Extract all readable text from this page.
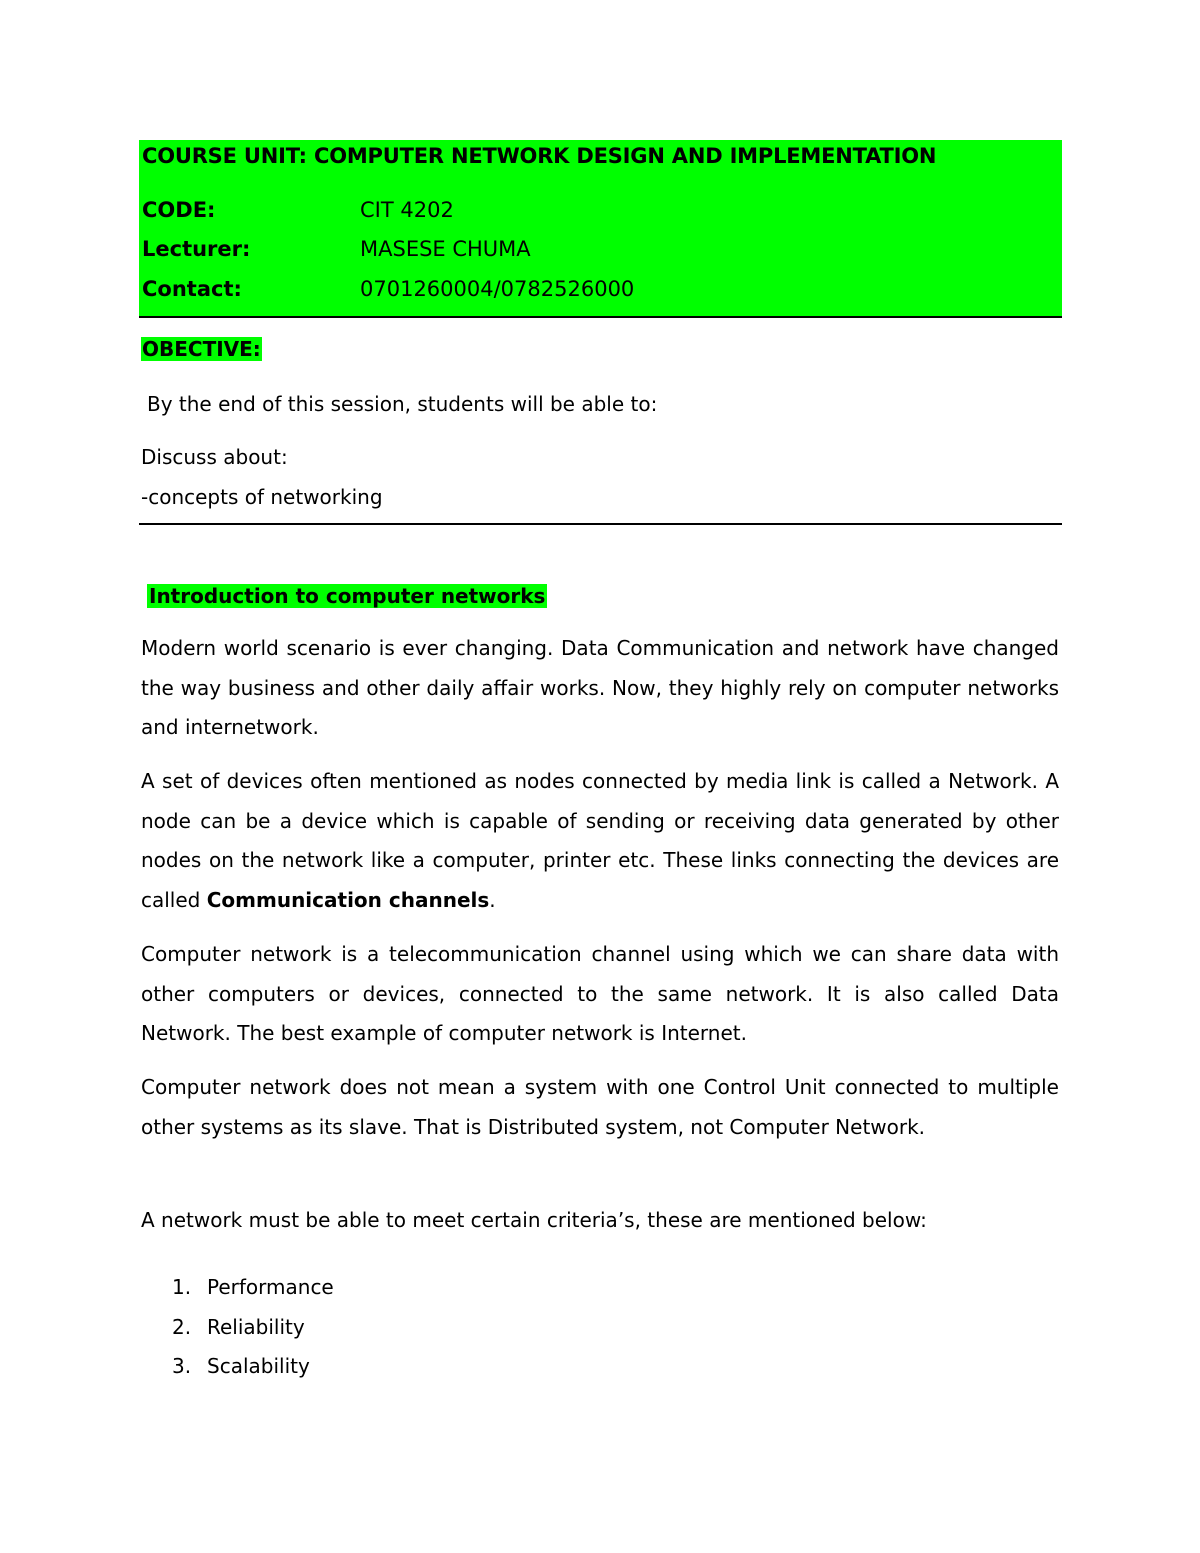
COURSE UNIT: COMPUTER NETWORK DESIGN AND IMPLEMENTATION
CODE:	CIT 4202
Lecturer:	MASESE CHUMA
Contact:	0701260004/0782526000
OBECTIVE:
By the end of this session, students will be able to:
Discuss about:
-concepts of networking
Introduction to computer networks
Modern world scenario is ever changing. Data Communication and network have changed the way business and other daily affair works. Now, they highly rely on computer networks and internetwork.
A set of devices often mentioned as nodes connected by media link is called a Network. A node can be a device which is capable of sending or receiving data generated by other nodes on the network like a computer, printer etc. These links connecting the devices are called Communication channels.
Computer network is a telecommunication channel using which we can share data with other computers or devices, connected to the same network. It is also called Data Network. The best example of computer network is Internet.
Computer network does not mean a system with one Control Unit connected to multiple other systems as its slave. That is Distributed system, not Computer Network.
A network must be able to meet certain criteria’s, these are mentioned below:
1. Performance
2. Reliability
3. Scalability
